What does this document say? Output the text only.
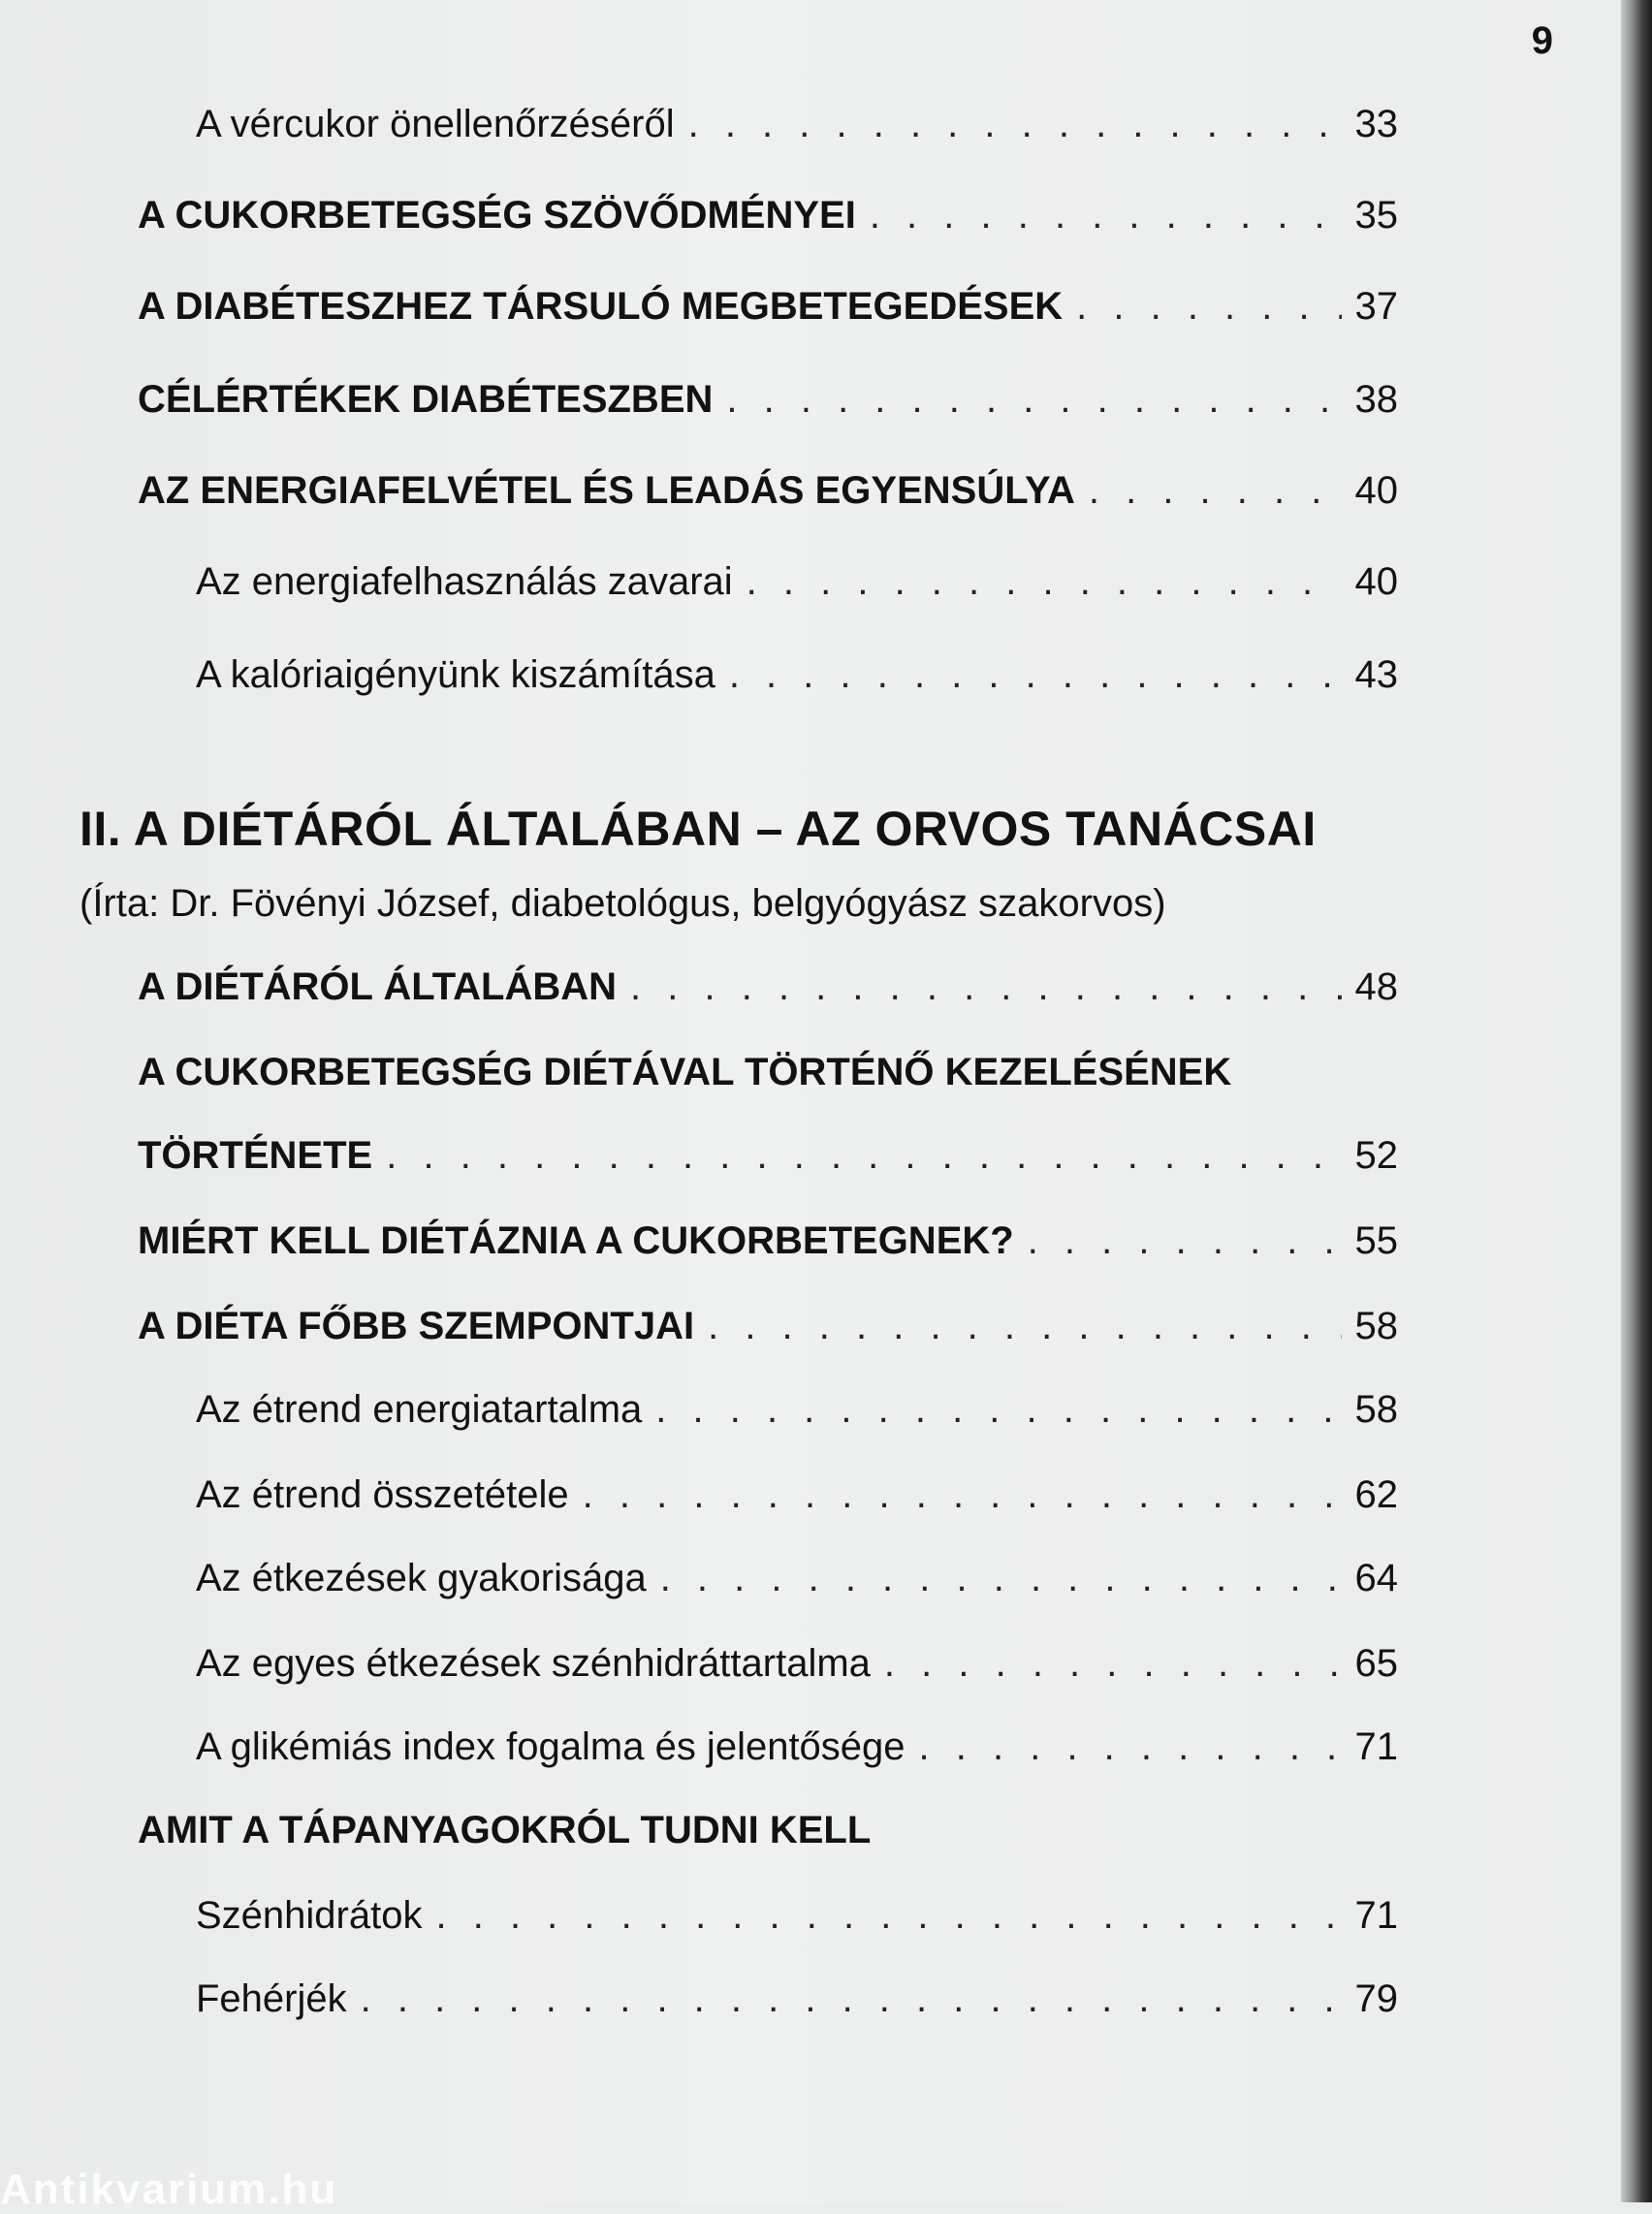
9
A vércukor önellenőrzéséről . . .	33
A CUKORBETEGSÉG SZÖVŐDMÉNYEI . . .	35
A DIABÉTESZHEZ TÁRSULÓ MEGBETEGEDÉSEK . . .	37
CÉLÉRTÉKEK DIABÉTESZBEN . . .	38
AZ ENERGIAFELVÉTEL ÉS LEADÁS EGYENSÚLYA . . .	40
Az energiafelhasználás zavarai . . .	40
A kalóriaigényünk kiszámítása . . .	43
II. A DIÉTÁRÓL ÁLTALÁBAN – AZ ORVOS TANÁCSAI
(Írta: Dr. Fövényi József, diabetológus, belgyógyász szakorvos)
A DIÉTÁRÓL ÁLTALÁBAN . . .	48
A CUKORBETEGSÉG DIÉTÁVAL TÖRTÉNŐ KEZELÉSÉNEK
TÖRTÉNETE . . .	52
MIÉRT KELL DIÉTÁZNIA A CUKORBETEGNEK? . . .	55
A DIÉTA FŐBB SZEMPONTJAI . . .	58
Az étrend energiatartalma . . .	58
Az étrend összetétele . . .	62
Az étkezések gyakorisága . . .	64
Az egyes étkezések szénhidráttartalma . . .	65
A glikémiás index fogalma és jelentősége . . .	71
AMIT A TÁPANYAGOKRÓL TUDNI KELL
Szénhidrátok . . .	71
Fehérjék . . .	79
Antikvarium.hu
